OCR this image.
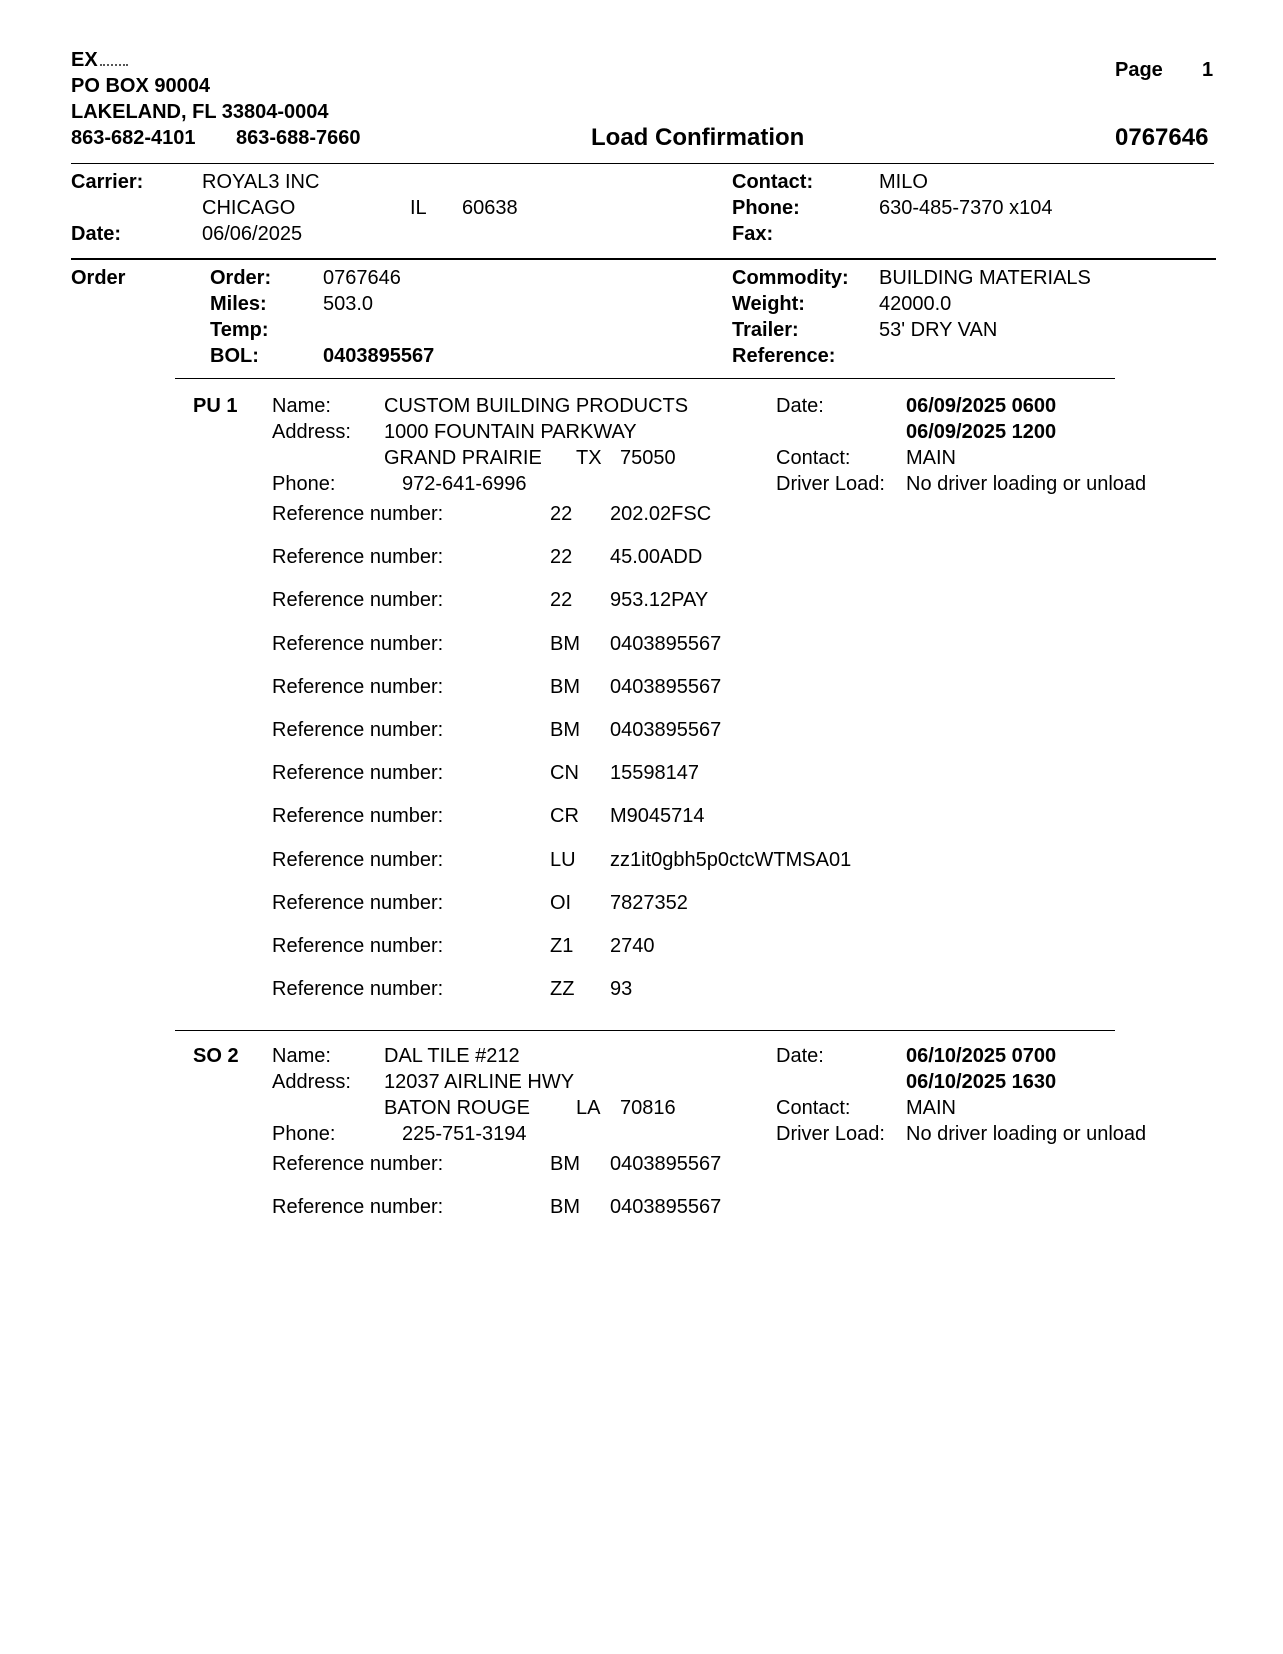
EX
PO BOX 90004
LAKELAND, FL 33804-0004
863-682-4101 863-688-7660
Page 1
Load Confirmation	0767646
Carrier:	ROYAL3 INC
CHICAGO	IL 60638
Date:	06/06/2025
Contact:	MILO
Phone:	630-485-7370 x104
Fax:
Order	Order:	0767646
Miles:	503.0
Temp:
BOL:	0403895567
Commodity: BUILDING MATERIALS
Weight:	42000.0
Trailer:	53' DRY VAN
Reference:
PU 1 Name:	CUSTOM BUILDING PRODUCTS
Address: 1000 FOUNTAIN PARKWAY
GRAND PRAIRIE TX 75050
Phone:	972-641-6996
Date:	06/09/2025 0600
06/09/2025 1200
Contact:	MAIN
Driver Load: No driver loading or unload
Reference number:	22 202.02FSC
Reference number:	22 45.00ADD
Reference number:	22 953.12PAY
Reference number:	BM 0403895567
Reference number:	BM 0403895567
Reference number:	BM 0403895567
Reference number:	CN 15598147
Reference number:	CR M9045714
Reference number:	LU zz1it0gbh5p0ctcWTMSA01
Reference number:	OI 7827352
Reference number:	Z1 2740
Reference number:	ZZ 93
SO 2 Name:	DAL TILE #212
Address: 12037 AIRLINE HWY
BATON ROUGE LA 70816
Phone:	225-751-3194
Date:	06/10/2025 0700
06/10/2025 1630
Contact:	MAIN
Driver Load: No driver loading or unload
Reference number:	BM 0403895567
Reference number:	BM 0403895567
